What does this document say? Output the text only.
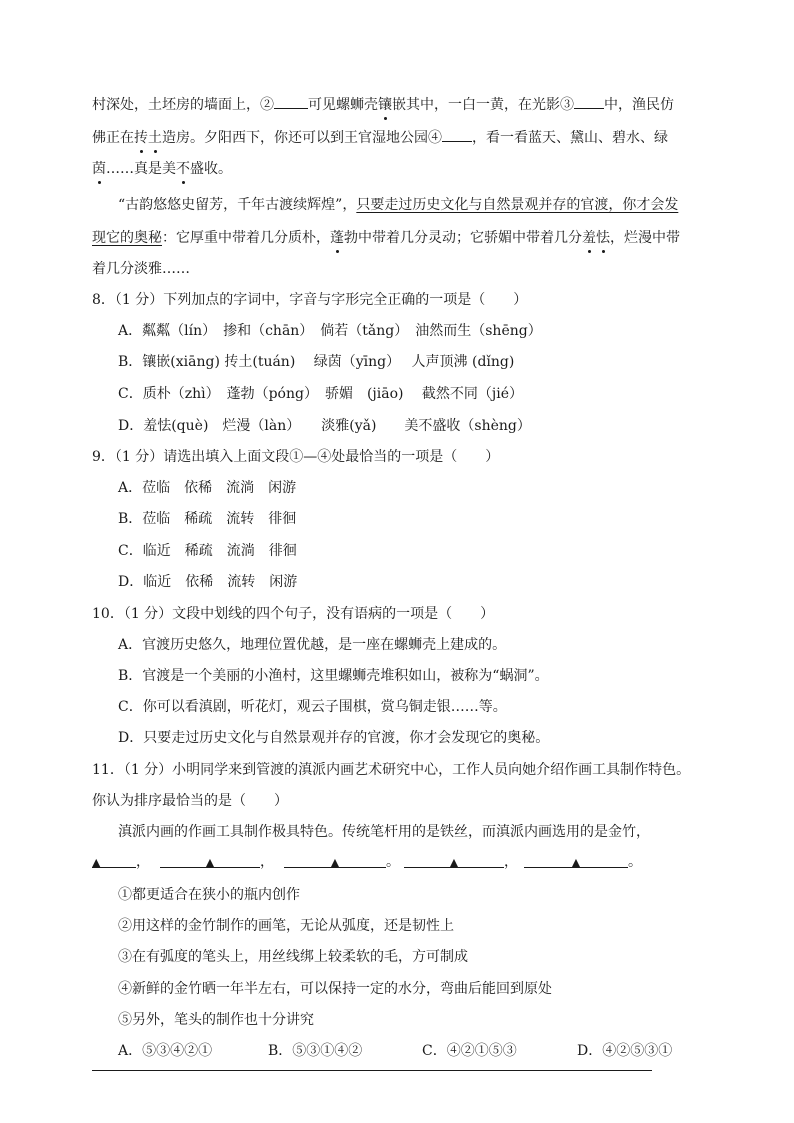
村深处，土坯房的墙面上，② 可见螺蛳壳镶嵌其中，一白一黄，在光影③ 中，渔民仿
佛正在抟土造房。夕阳西下，你还可以到王官湿地公园④ ，看一看蓝天、黛山、碧水、绿
茵……真是美不盛收。
“古韵悠悠史留芳，千年古渡续辉煌”，只要走过历史文化与自然景观并存的官渡，你才会发
现它的奥秘：它厚重中带着几分质朴，蓬勃中带着几分灵动；它骄媚中带着几分羞怯，烂漫中带
着几分淡雅……
8．（1 分）下列加点的字词中，字音与字形完全正确的一项是（　　）
A．粼粼（lín）　掺和（chān）　倘若（tǎng）　油然而生（shēng）
B．镶嵌(xiāng) 抟土(tuán)　 绿茵（yīng）　 人声顶沸 (dǐng)
C．质朴（zhì）　蓬勃（póng）　骄媚　(jiāo)　 截然不同（jié）
D．羞怯(què)　烂漫（làn）　　淡雅(yǎ)　　美不盛收（shèng）
9．（1 分）请选出填入上面文段①—④处最恰当的一项是（　　）
A．莅临　依稀　流淌　闲游
B．莅临　稀疏　流转　徘徊
C．临近　稀疏　流淌　徘徊
D．临近　依稀　流转　闲游
10．（1 分）文段中划线的四个句子，没有语病的一项是（　　）
A．官渡历史悠久，地理位置优越，是一座在螺蛳壳上建成的。
B．官渡是一个美丽的小渔村，这里螺蛳壳堆积如山，被称为“蜗洞”。
C．你可以看滇剧，听花灯，观云子围棋，赏乌铜走银……等。
D．只要走过历史文化与自然景观并存的官渡，你才会发现它的奥秘。
11．（1 分）小明同学来到管渡的滇派内画艺术研究中心，工作人员向她介绍作画工具制作特色。
你认为排序最恰当的是（　　）
滇派内画的作画工具制作极具特色。传统笔杆用的是铁丝，而滇派内画选用的是金竹，
▲	，	▲	，	▲	。	▲	，	▲	。
①都更适合在狭小的瓶内创作
②用这样的金竹制作的画笔，无论从弧度，还是韧性上
③在有弧度的笔头上，用丝线绑上较柔软的毛，方可制成
④新鲜的金竹晒一年半左右，可以保持一定的水分，弯曲后能回到原处
⑤另外，笔头的制作也十分讲究
A．⑤③④②①	B．⑤③①④②	C．④②①⑤③	D．④②⑤③①
